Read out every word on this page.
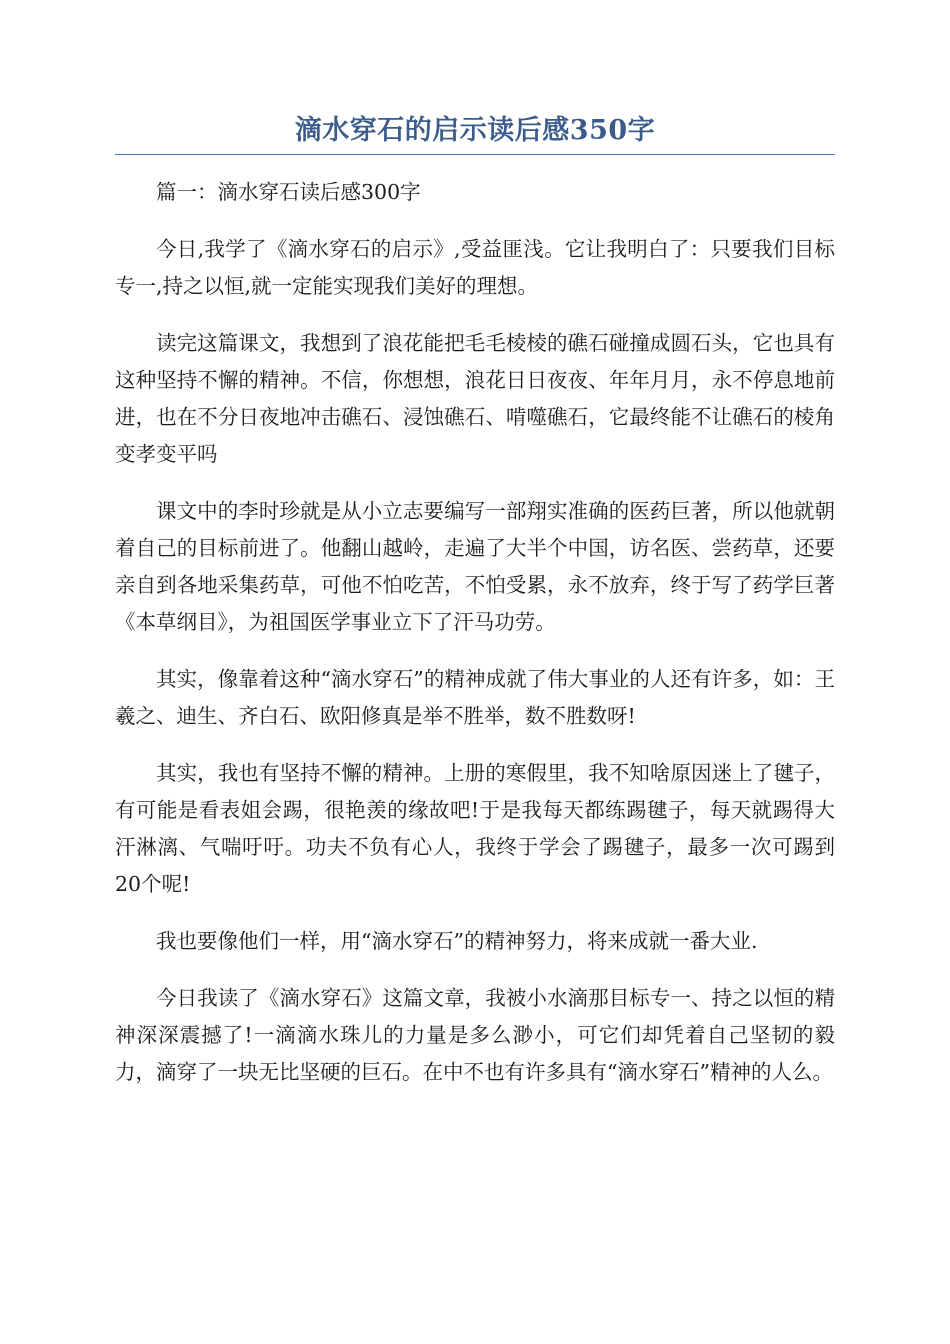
滴水穿石的启示读后感350字

篇一：滴水穿石读后感300字

今日,我学了《滴水穿石的启示》,受益匪浅。它让我明白了：只要我们目标专一,持之以恒,就一定能实现我们美好的理想。

读完这篇课文，我想到了浪花能把毛毛棱棱的礁石碰撞成圆石头，它也具有这种坚持不懈的精神。不信，你想想，浪花日日夜夜、年年月月，永不停息地前进，也在不分日夜地冲击礁石、浸蚀礁石、啃噬礁石，它最终能不让礁石的棱角变孝变平吗

课文中的李时珍就是从小立志要编写一部翔实准确的医药巨著，所以他就朝着自己的目标前进了。他翻山越岭，走遍了大半个中国，访名医、尝药草，还要亲自到各地采集药草，可他不怕吃苦，不怕受累，永不放弃，终于写了药学巨著《本草纲目》，为祖国医学事业立下了汗马功劳。

其实，像靠着这种“滴水穿石”的精神成就了伟大事业的人还有许多，如：王羲之、迪生、齐白石、欧阳修真是举不胜举，数不胜数呀!

其实，我也有坚持不懈的精神。上册的寒假里，我不知啥原因迷上了毽子，有可能是看表姐会踢，很艳羡的缘故吧!于是我每天都练踢毽子，每天就踢得大汗淋漓、气喘吁吁。功夫不负有心人，我终于学会了踢毽子，最多一次可踢到20个呢!

我也要像他们一样，用“滴水穿石”的精神努力，将来成就一番大业.

今日我读了《滴水穿石》这篇文章，我被小水滴那目标专一、持之以恒的精神深深震撼了!一滴滴水珠儿的力量是多么渺小，可它们却凭着自己坚韧的毅力，滴穿了一块无比坚硬的巨石。在中不也有许多具有“滴水穿石”精神的人么。
